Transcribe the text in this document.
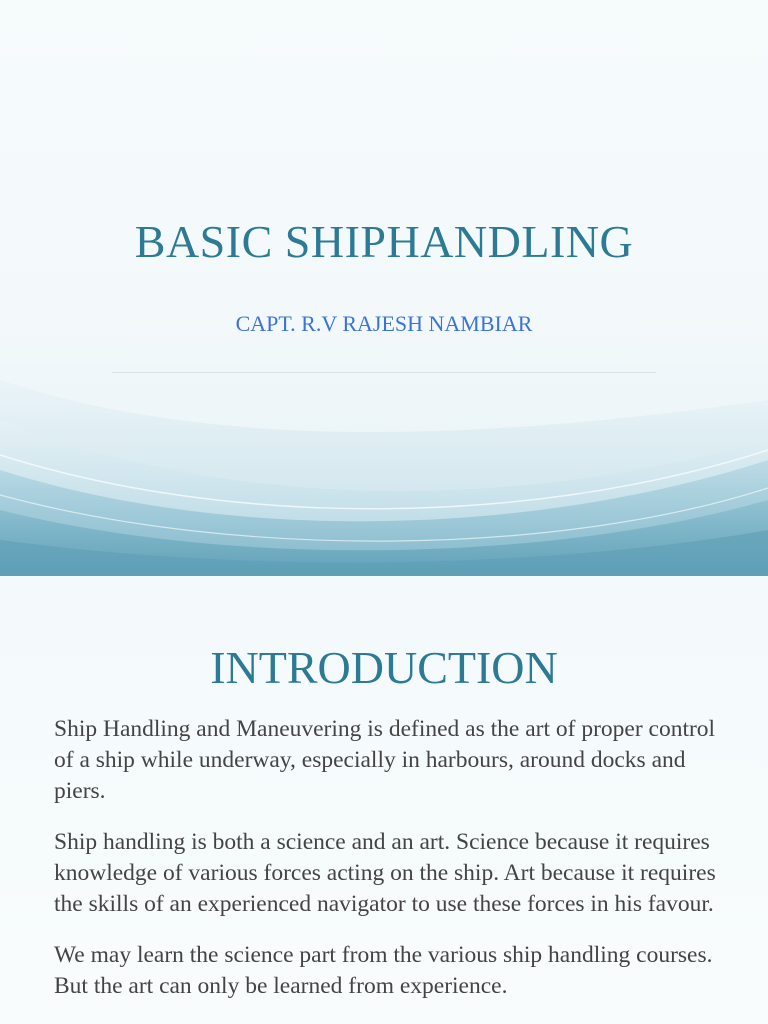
BASIC SHIPHANDLING
CAPT. R.V RAJESH NAMBIAR
INTRODUCTION

Ship Handling and Maneuvering is defined as the art of proper control of a ship while underway, especially in harbours, around docks and piers.

Ship handling is both a science and an art. Science because it requires knowledge of various forces acting on the ship. Art because it requires the skills of an experienced navigator to use these forces in his favour.

We may learn the science part from the various ship handling courses. But the art can only be learned from experience.
